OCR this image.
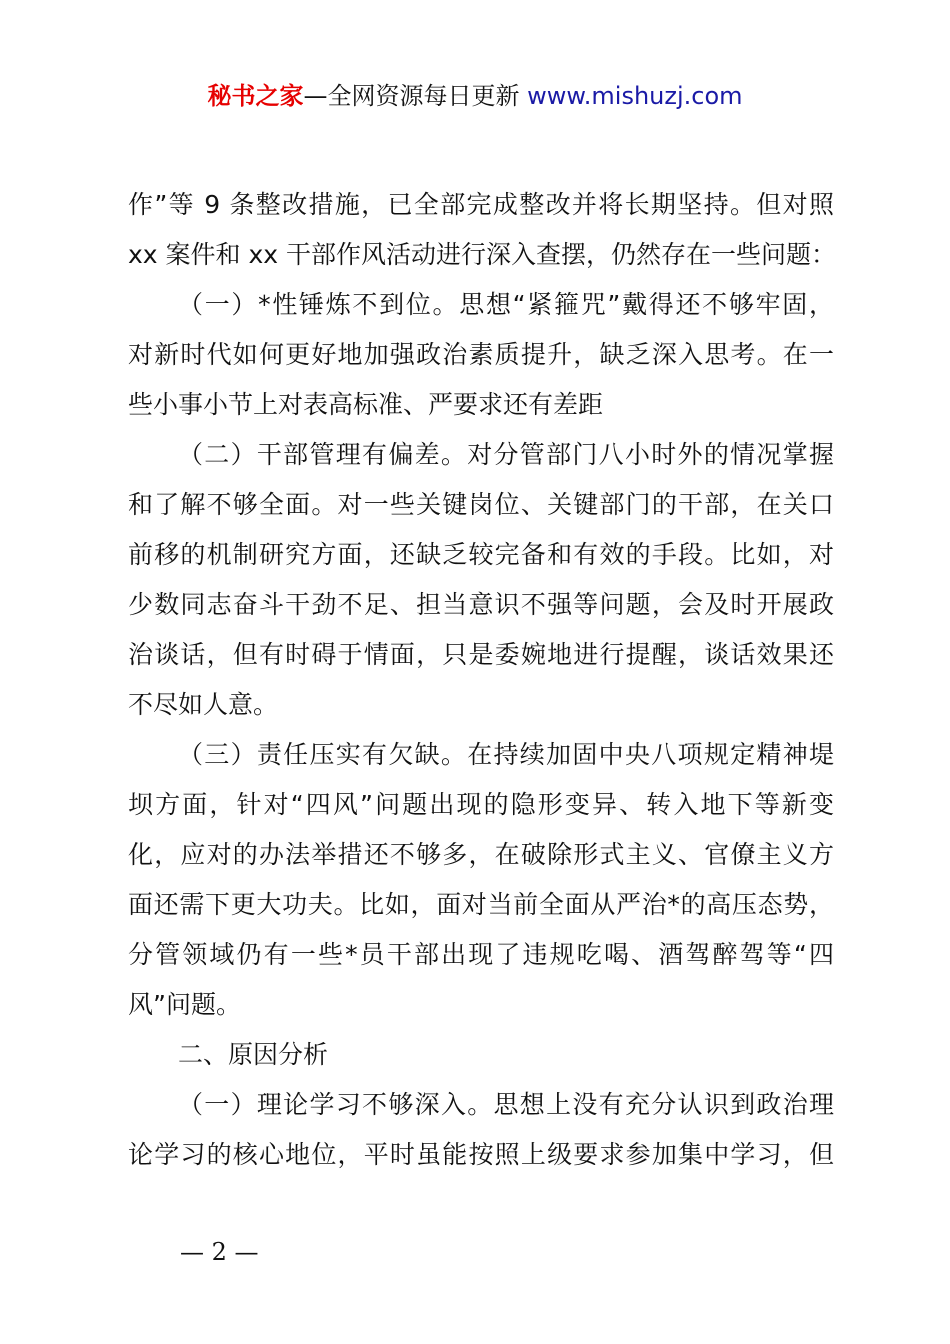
秘书之家—全网资源每日更新 www.mishuzj.com
作”等 9 条整改措施，已全部完成整改并将长期坚持。但对照
xx 案件和 xx 干部作风活动进行深入查摆，仍然存在一些问题：
（一）*性锤炼不到位。思想“紧箍咒”戴得还不够牢固，
对新时代如何更好地加强政治素质提升，缺乏深入思考。在一
些小事小节上对表高标准、严要求还有差距
（二）干部管理有偏差。对分管部门八小时外的情况掌握
和了解不够全面。对一些关键岗位、关键部门的干部，在关口
前移的机制研究方面，还缺乏较完备和有效的手段。比如，对
少数同志奋斗干劲不足、担当意识不强等问题，会及时开展政
治谈话，但有时碍于情面，只是委婉地进行提醒，谈话效果还
不尽如人意。
（三）责任压实有欠缺。在持续加固中央八项规定精神堤
坝方面，针对“四风”问题出现的隐形变异、转入地下等新变
化，应对的办法举措还不够多，在破除形式主义、官僚主义方
面还需下更大功夫。比如，面对当前全面从严治*的高压态势，
分管领域仍有一些*员干部出现了违规吃喝、酒驾醉驾等“四
风”问题。
二、原因分析
（一）理论学习不够深入。思想上没有充分认识到政治理
论学习的核心地位，平时虽能按照上级要求参加集中学习，但
— 2 —
